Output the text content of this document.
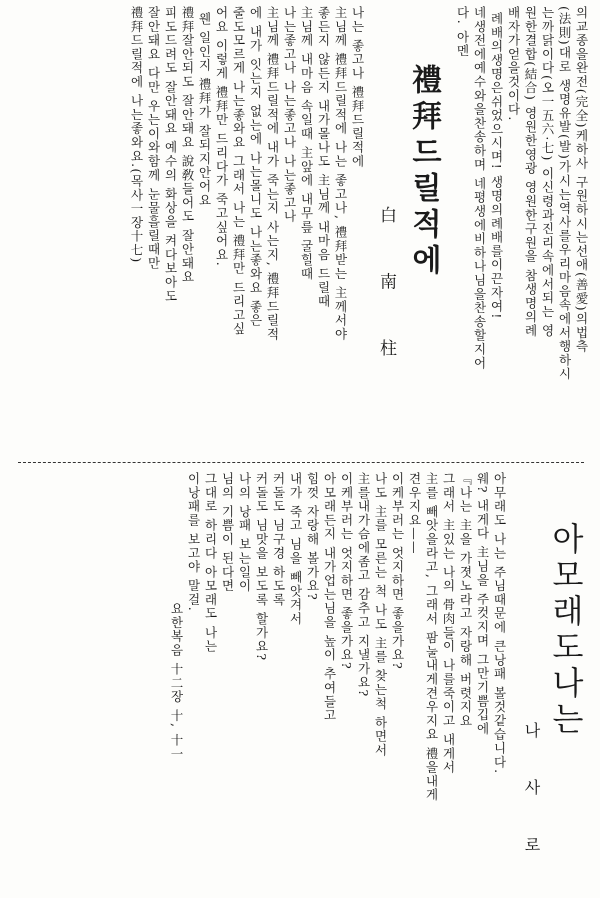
의교종을완전(完全)케하사 구원하시는선애(善愛)의법측
(法則)대로 생명유발(발)가시는역사를우리마음속에서행하시
는까닭이다(오一五六·七) 이신령과진리속에서되는 영
원한결합(結合) 영원한영광 영원한구원을 참생명의례
배자가얻을것이다.
례배의생명은쉬었으시며! 생명의례배를이끈자여!
네생전에예수와을찬송하며 네평생에비하나님을찬송할지어
다. 아멘
禮拜드릴적에
白 南 柱
나는 좋고나 禮拜드릴적에
主님께 禮拜드릴적에 나는 좋고나, 禮拜받는 主께서야
좋든지 않든지 내가몰나도 主님께 내마음 드릴때
主님께 내마음 속일때 主앞에 내무릎 굴힐때
나는좋고나 나는좋고나 나는좋고나
主님께 禮拜드릴적에 내가 죽는지 사는지, 禮拜드릴적
에 내가 잇는지 없는에 나는몰니도 나는좋와요 좋은
줄도모르게 나는좋와요 그래서 나는 禮拜만 드리고싶
어요 이렇게 禮拜만 드리다가 죽고싶어요.
웬 일인지 禮拜가 잘되지안어요
禮拜잘안되도 잘안돼요 說敎들어도 잘안돼요
피도드려도 잘안돼요 예수의 화상을 켜다보아도
잘안돼요 다만 우는이와함께 눈물흘릴때만
禮拜드릴적에 나는좋와요.(목사一장十七)
아모래도나는
나 사 로
아무래도 나는 주님때문에 큰낭패 볼것같습니다.
웨? 내게다 主님을 주컷지며 그만기쁨깁에
『나는 主을 가졋노라고 자랑해 버렷지요
그래서 主있는 나의 骨肉들이 나를죽이고 내게서
主를 빼앗을라고, 그래서 팜눌내게견우지요 禮을내게
견우지요——
이케부러는 엇지하면 좋을가요?
나도 主를 모른는 척 나도 主를 찾는척 하면서
主를내가슴에좀고 감추고 지낼가요?
이케부러는 엇지하면 좋을가요?
아모래든지 내가업는님을 높이 추여들고
힘껏 자랑해 볼가요?
내가 죽고 님을 빼앗겨서
커돌도 님구경 하도록
커돌도 님맛을 보도록 할가요?
나의 낭패 보는일이
님의 기쁨이 된다면
그대로 하리다 아모래도 나는
이낭패를 보고야 말걸.
요한복음 十二장 十, 十一
